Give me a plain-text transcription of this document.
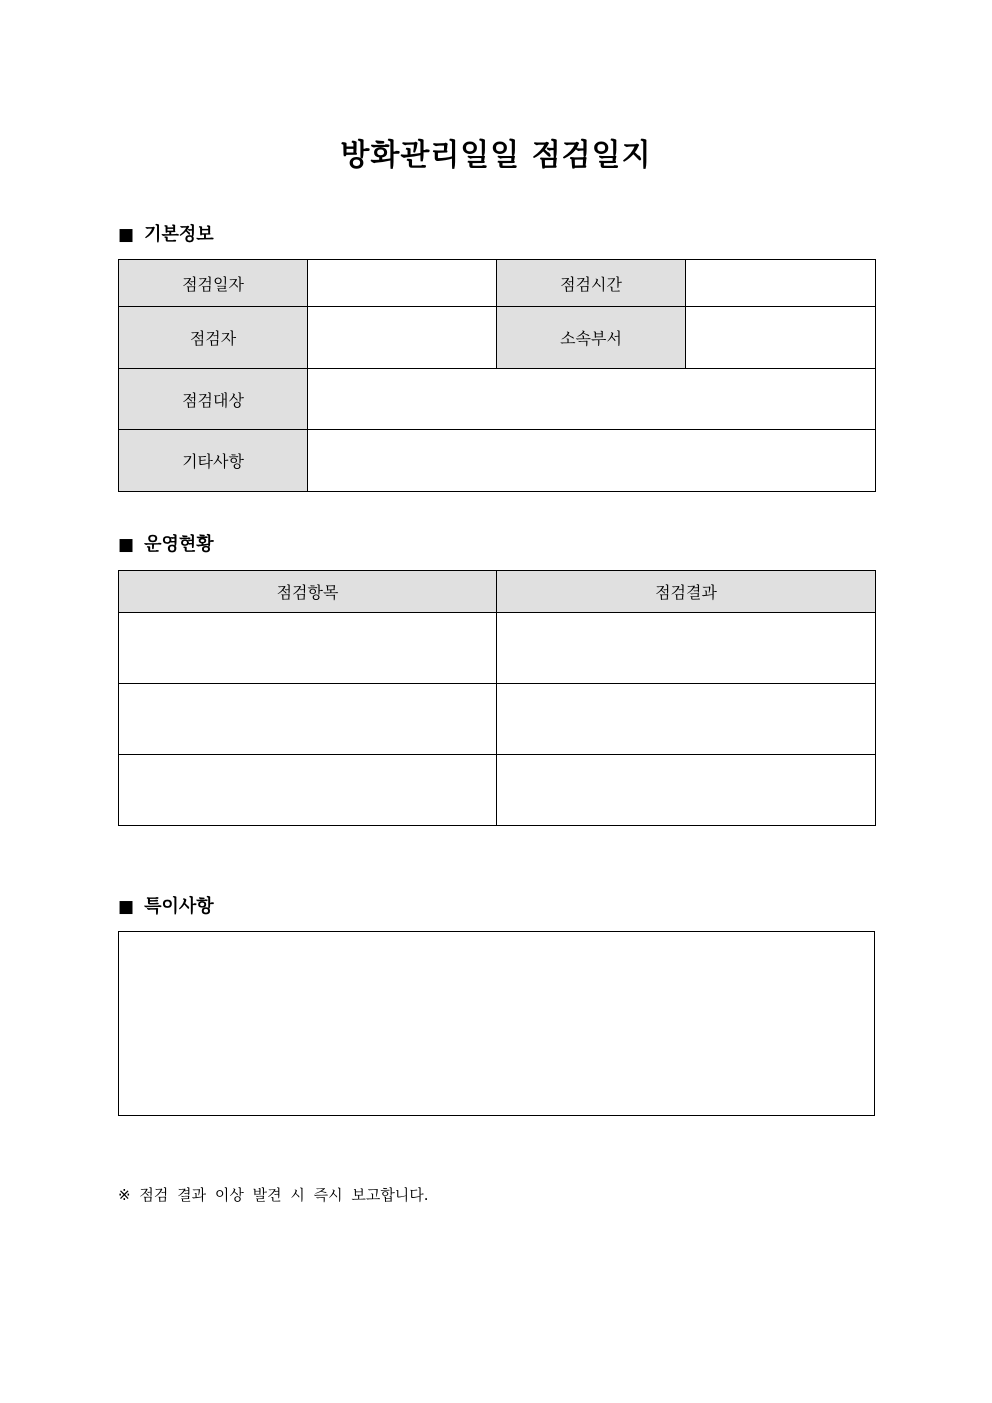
방화관리일일 점검일지
■ 기본정보
점검일자		점검시간	
점검자		소속부서	
점검대상			
기타사항			
■ 운영현황
점검항목	점검결과

■ 특이사항
※ 점검 결과 이상 발견 시 즉시 보고합니다.
